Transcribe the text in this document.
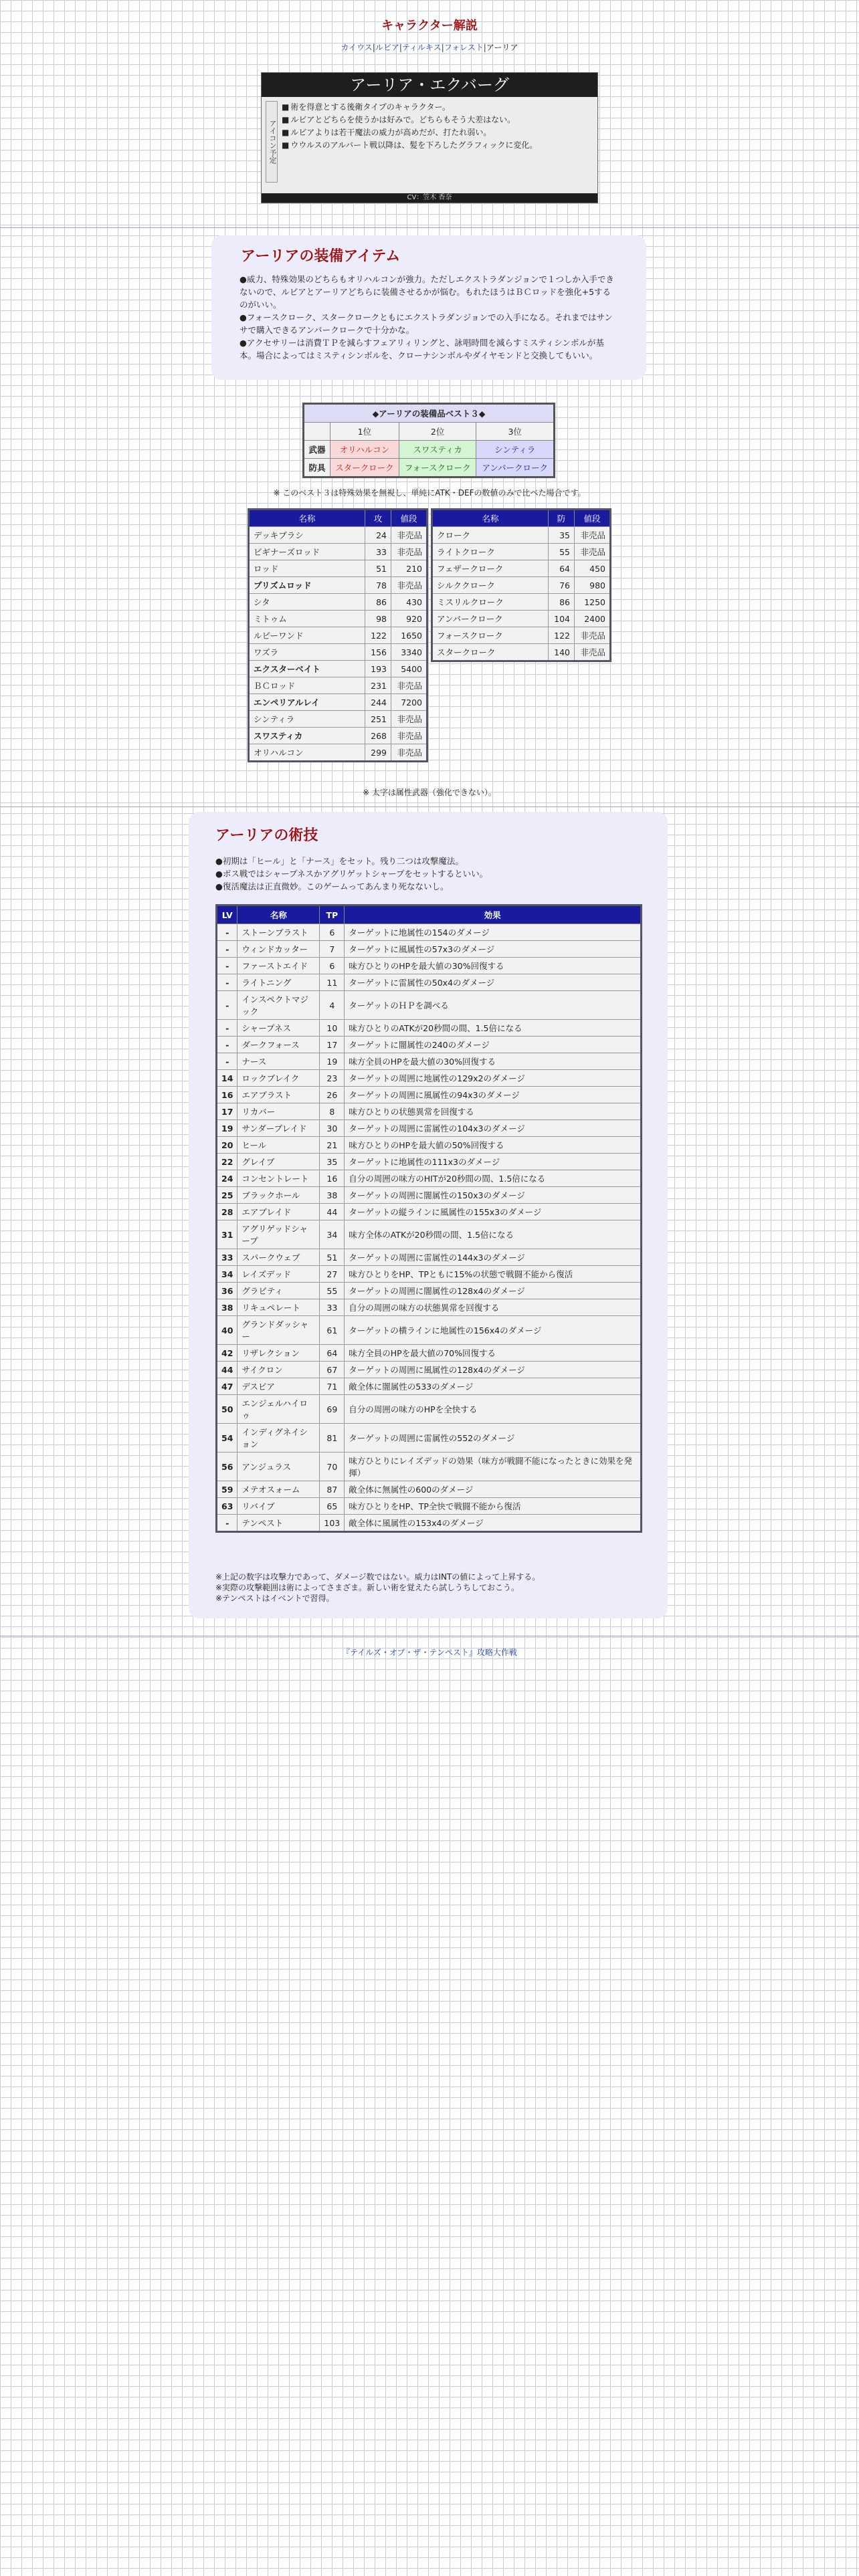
キャラクター解説
カイウス|ルビア|ティルキス|フォレスト|アーリア
アーリア・エクバーグ
アイコン予定
■ 術を得意とする後衛タイプのキャラクター。
■ ルビアとどちらを使うかは好みで。どちらもそう大差はない。
■ ルビアよりは若干魔法の威力が高めだが、打たれ弱い。
■ ウウルスのアルバート戦以降は、髪を下ろしたグラフィックに変化。
CV：笠木 香奈
アーリアの装備アイテム
●威力、特殊効果のどちらもオリハルコンが強力。ただしエクストラダンジョンで１つしか入手できないので、ルビアとアーリアどちらに装備させるかが悩む。もれたほうはＢＣロッドを強化+5するのがいい。
●フォースクローク、スタークロークともにエクストラダンジョンでの入手になる。それまではサンサで購入できるアンバークロークで十分かな。
●アクセサリーは消費ＴＰを減らすフェアリィリングと、詠唱時間を減らすミスティシンボルが基本。場合によってはミスティシンボルを、クローナシンボルやダイヤモンドと交換してもいい。
◆アーリアの装備品ベスト３◆			
	1位	2位	3位
武器	オリハルコン	スワスティカ	シンティラ
防具	スタークローク	フォースクローク	アンバークローク
※ このベスト３は特殊効果を無視し、単純にATK・DEFの数値のみで比べた場合です。
名称	攻	値段
デッキブラシ	24	非売品
ビギナーズロッド	33	非売品
ロッド	51	210
プリズムロッド	78	非売品
シタ	86	430
ミトゥム	98	920
ルビーワンド	122	1650
ワズラ	156	3340
エクスターベイト	193	5400
ＢＣロッド	231	非売品
エンペリアルレイ	244	7200
シンティラ	251	非売品
スワスティカ	268	非売品
オリハルコン	299	非売品
名称	防	値段
クローク	35	非売品
ライトクローク	55	非売品
フェザークローク	64	450
シルククローク	76	980
ミスリルクローク	86	1250
アンバークローク	104	2400
フォースクローク	122	非売品
スタークローク	140	非売品
※ 太字は属性武器（強化できない）。
アーリアの術技
●初期は「ヒール」と「ナース」をセット。残り二つは攻撃魔法。
●ボス戦ではシャープネスかアグリゲットシャープをセットするといい。
●復活魔法は正直微妙。このゲームってあんまり死なないし。
※上記の数字は攻撃力であって、ダメージ数ではない。威力はINTの値によって上昇する。
※実際の攻撃範囲は術によってさまざま。新しい術を覚えたら試しうちしておこう。
※テンペストはイベントで習得。
LV	名称	TP	効果
-	ストーンブラスト	6	ターゲットに地属性の154のダメージ
-	ウィンドカッター	7	ターゲットに風属性の57x3のダメージ
-	ファーストエイド	6	味方ひとりのHPを最大値の30%回復する
-	ライトニング	11	ターゲットに雷属性の50x4のダメージ
-	インスペクトマジック	4	ターゲットのＨＰを調べる
-	シャープネス	10	味方ひとりのATKが20秒間の間、1.5倍になる
-	ダークフォース	17	ターゲットに闇属性の240のダメージ
-	ナース	19	味方全員のHPを最大値の30%回復する
14	ロックブレイク	23	ターゲットの周囲に地属性の129x2のダメージ
16	エアブラスト	26	ターゲットの周囲に風属性の94x3のダメージ
17	リカバー	8	味方ひとりの状態異常を回復する
19	サンダーブレイド	30	ターゲットの周囲に雷属性の104x3のダメージ
20	ヒール	21	味方ひとりのHPを最大値の50%回復する
22	グレイブ	35	ターゲットに地属性の111x3のダメージ
24	コンセントレート	16	自分の周囲の味方のHITが20秒間の間、1.5倍になる
25	ブラックホール	38	ターゲットの周囲に闇属性の150x3のダメージ
28	エアブレイド	44	ターゲットの縦ラインに風属性の155x3のダメージ
31	アグリゲッドシャープ	34	味方全体のATKが20秒間の間、1.5倍になる
33	スパークウェブ	51	ターゲットの周囲に雷属性の144x3のダメージ
34	レイズデッド	27	味方ひとりをHP、TPともに15%の状態で戦闘不能から復活
36	グラビティ	55	ターゲットの周囲に闇属性の128x4のダメージ
38	リキュペレート	33	自分の周囲の味方の状態異常を回復する
40	グランドダッシャー	61	ターゲットの横ラインに地属性の156x4のダメージ
42	リザレクション	64	味方全員のHPを最大値の70%回復する
44	サイクロン	67	ターゲットの周囲に風属性の128x4のダメージ
47	デスピア	71	敵全体に闇属性の533のダメージ
50	エンジェルハイロゥ	69	自分の周囲の味方のHPを全快する
54	インディグネイション	81	ターゲットの周囲に雷属性の552のダメージ
56	アンジュラス	70	味方ひとりにレイズデッドの効果（味方が戦闘不能になったときに効果を発揮）
59	メテオスォーム	87	敵全体に無属性の600のダメージ
63	リバイブ	65	味方ひとりをHP、TP全快で戦闘不能から復活
-	テンペスト	103	敵全体に風属性の153x4のダメージ
『テイルズ・オブ・ザ・テンペスト』攻略大作戦
